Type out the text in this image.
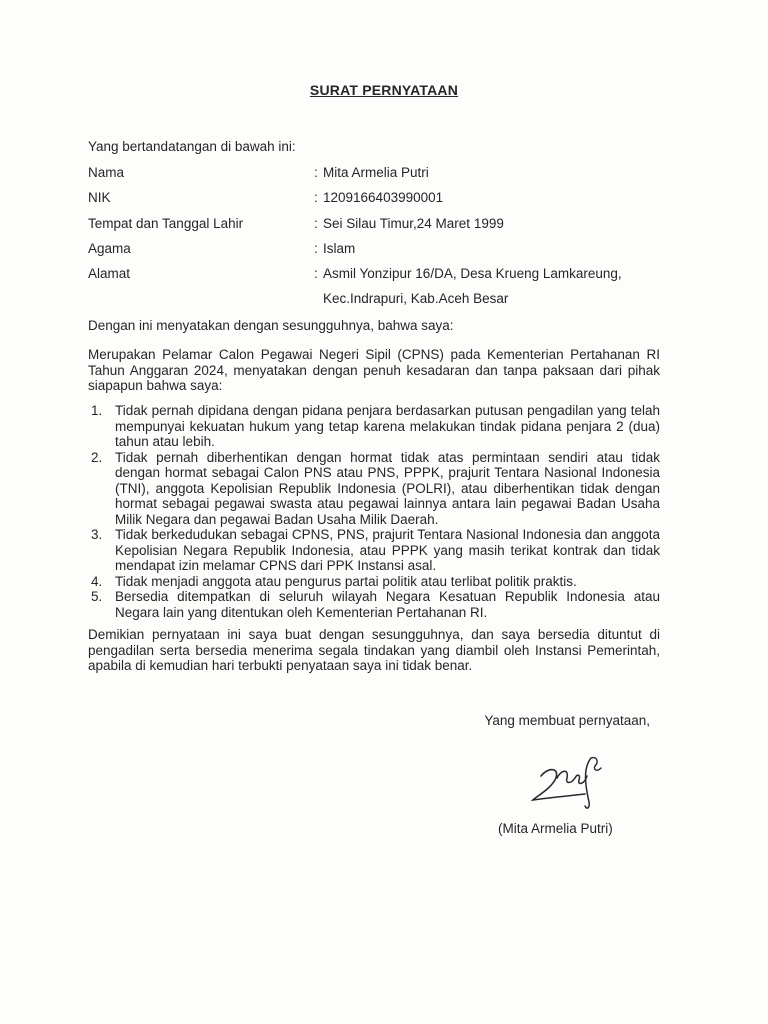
SURAT PERNYATAAN
Yang bertandatangan di bawah ini:
Nama	: Mita Armelia Putri
NIK	: 1209166403990001
Tempat dan Tanggal Lahir	: Sei Silau Timur,24 Maret 1999
Agama	: Islam
Alamat	: Asmil Yonzipur 16/DA, Desa Krueng Lamkareung,
Kec.Indrapuri, Kab.Aceh Besar
Dengan ini menyatakan dengan sesungguhnya, bahwa saya:

Merupakan Pelamar Calon Pegawai Negeri Sipil (CPNS) pada Kementerian Pertahanan RI Tahun Anggaran 2024, menyatakan dengan penuh kesadaran dan tanpa paksaan dari pihak siapapun bahwa saya:

1. Tidak pernah dipidana dengan pidana penjara berdasarkan putusan pengadilan yang telah mempunyai kekuatan hukum yang tetap karena melakukan tindak pidana penjara 2 (dua) tahun atau lebih.
2. Tidak pernah diberhentikan dengan hormat tidak atas permintaan sendiri atau tidak dengan hormat sebagai Calon PNS atau PNS, PPPK, prajurit Tentara Nasional Indonesia (TNI), anggota Kepolisian Republik Indonesia (POLRI), atau diberhentikan tidak dengan hormat sebagai pegawai swasta atau pegawai lainnya antara lain pegawai Badan Usaha Milik Negara dan pegawai Badan Usaha Milik Daerah.
3. Tidak berkedudukan sebagai CPNS, PNS, prajurit Tentara Nasional Indonesia dan anggota Kepolisian Negara Republik Indonesia, atau PPPK yang masih terikat kontrak dan tidak mendapat izin melamar CPNS dari PPK Instansi asal.
4. Tidak menjadi anggota atau pengurus partai politik atau terlibat politik praktis.
5. Bersedia ditempatkan di seluruh wilayah Negara Kesatuan Republik Indonesia atau Negara lain yang ditentukan oleh Kementerian Pertahanan RI.

Demikian pernyataan ini saya buat dengan sesungguhnya, dan saya bersedia dituntut di pengadilan serta bersedia menerima segala tindakan yang diambil oleh Instansi Pemerintah, apabila di kemudian hari terbukti penyataan saya ini tidak benar.

Yang membuat pernyataan,
(Mita Armelia Putri)
